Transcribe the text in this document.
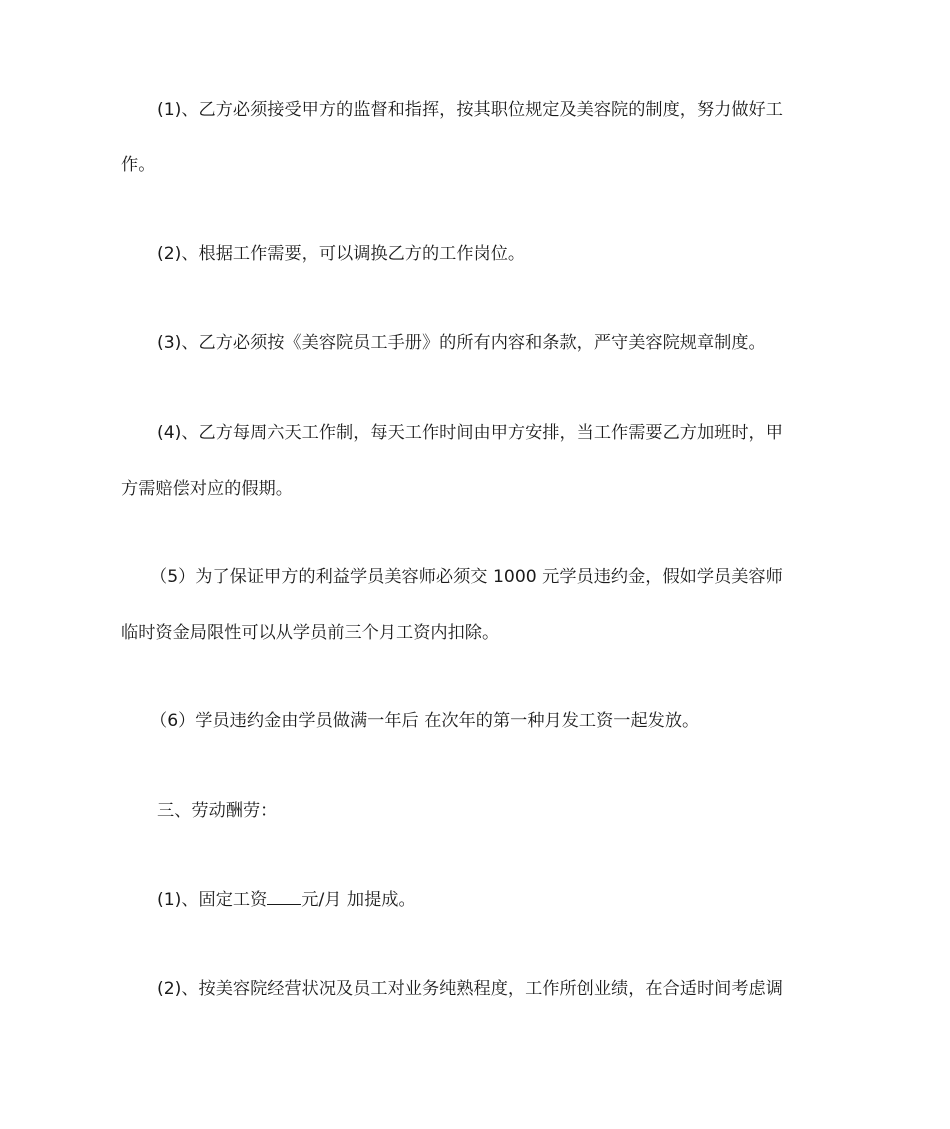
(1)、乙方必须接受甲方的监督和指挥，按其职位规定及美容院的制度，努力做好工
作。
(2)、根据工作需要，可以调换乙方的工作岗位。
(3)、乙方必须按《美容院员工手册》的所有内容和条款，严守美容院规章制度。
(4)、乙方每周六天工作制，每天工作时间由甲方安排，当工作需要乙方加班时，甲
方需赔偿对应的假期。
（5）为了保证甲方的利益学员美容师必须交 1000 元学员违约金，假如学员美容师
临时资金局限性可以从学员前三个月工资内扣除。
（6）学员违约金由学员做满一年后 在次年的第一种月发工资一起发放。
三、劳动酬劳：
(1)、固定工资 元/月 加提成。
(2)、按美容院经营状况及员工对业务纯熟程度，工作所创业绩，在合适时间考虑调
